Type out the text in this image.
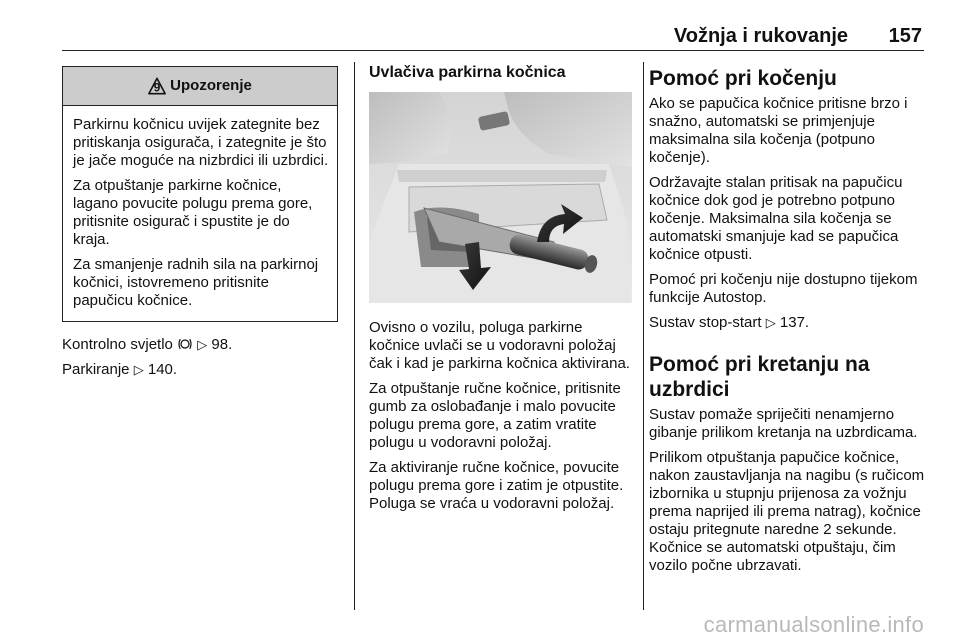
Vožnja i rukovanje 157
9 Upozorenje

Parkirnu kočnicu uvijek zategnite bez pritiskanja osigurača, i zategnite je što je jače moguće na nizbrdici ili uzbrdici.

Za otpuštanje parkirne kočnice, lagano povucite polugu prema gore, pritisnite osigurač i spustite je do kraja.

Za smanjenje radnih sila na parkirnoj kočnici, istovremeno pritisnite papučicu kočnice.

Kontrolno svjetlo ▷ 98.

Parkiranje ▷ 140.

Uvlačiva parkirna kočnica

Ovisno o vozilu, poluga parkirne kočnice uvlači se u vodoravni položaj čak i kad je parkirna kočnica aktivirana.

Za otpuštanje ručne kočnice, pritisnite gumb za oslobađanje i malo povucite polugu prema gore, a zatim vratite polugu u vodoravni položaj.

Za aktiviranje ručne kočnice, povucite polugu prema gore i zatim je otpustite. Poluga se vraća u vodoravni položaj.

Pomoć pri kočenju

Ako se papučica kočnice pritisne brzo i snažno, automatski se primjenjuje maksimalna sila kočenja (potpuno kočenje).

Održavajte stalan pritisak na papučicu kočnice dok god je potrebno potpuno kočenje. Maksimalna sila kočenja se automatski smanjuje kad se papučica kočnice otpusti.

Pomoć pri kočenju nije dostupno tijekom funkcije Autostop.

Sustav stop-start ▷ 137.

Pomoć pri kretanju na uzbrdici

Sustav pomaže spriječiti nenamjerno gibanje prilikom kretanja na uzbrdicama.

Prilikom otpuštanja papučice kočnice, nakon zaustavljanja na nagibu (s ručicom izbornika u stupnju prijenosa za vožnju prema naprijed ili prema natrag), kočnice ostaju pritegnute naredne 2 sekunde. Kočnice se automatski otpuštaju, čim vozilo počne ubrzavati.

carmanualsonline.info
